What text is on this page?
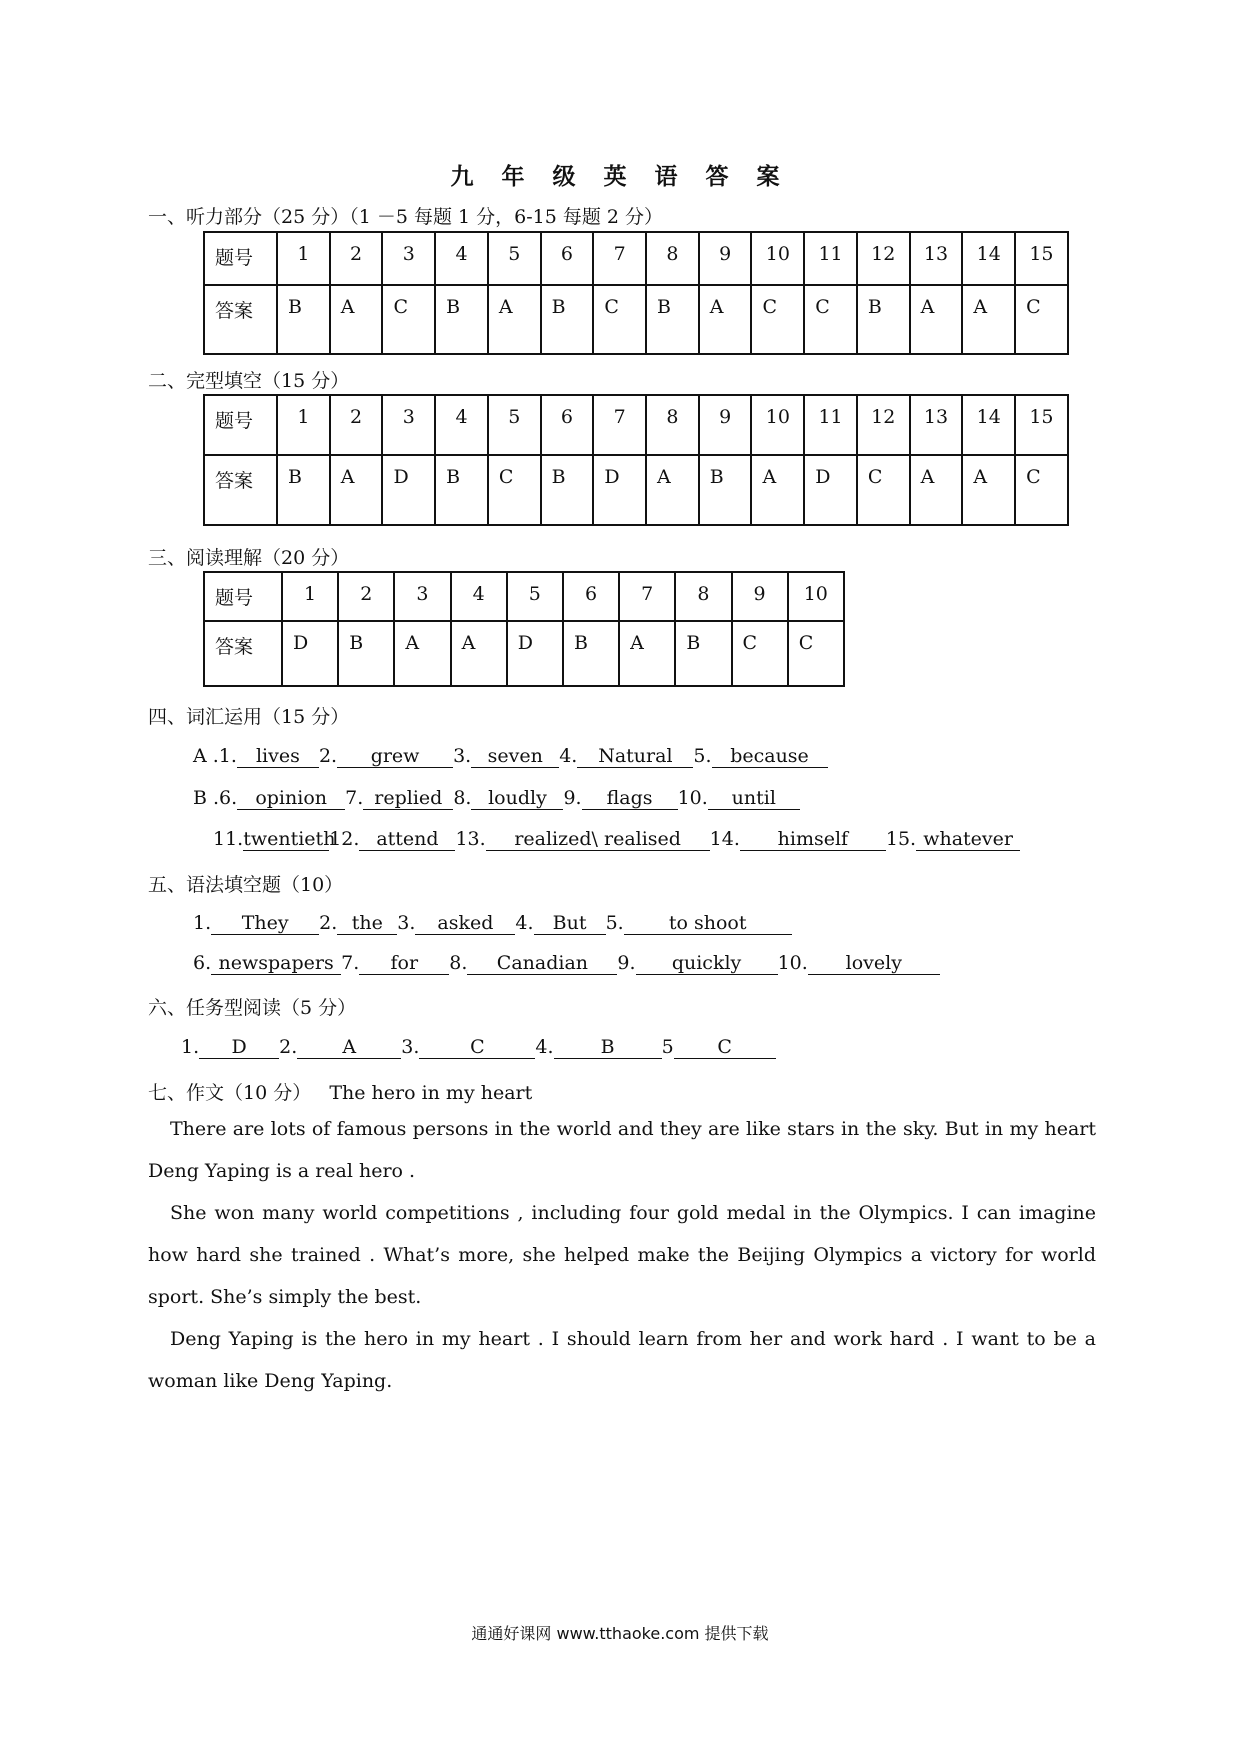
九 年 级 英 语 答 案
一、听力部分（25 分）（1 －5 每题 1 分，6-15 每题 2 分）
题号	1	2	3	4	5	6	7	8	9	10	11	12	13	14	15
答案	B	A	C	B	A	B	C	B	A	C	C	B	A	A	C
二、完型填空（15 分）
题号	1	2	3	4	5	6	7	8	9	10	11	12	13	14	15
答案	B	A	D	B	C	B	D	A	B	A	D	C	A	A	C
三、阅读理解（20 分）
题号	1	2	3	4	5	6	7	8	9	10
答案	D	B	A	A	D	B	A	B	C	C
四、词汇运用（15 分）
A .1. lives 2. grew 3. seven 4. Natural 5. because
B .6. opinion 7. replied 8. loudly 9. flags 10. until
11.twentieth12. attend 13. realized\ realised 14. himself 15. whatever
五、语法填空题（10）
1. They 2. the 3. asked 4. But 5. to shoot
6. newspapers 7. for 8. Canadian 9. quickly 10. lovely
六、任务型阅读（5 分）
1. D 2. A 3.	C	4. B 5 C
七、作文（10 分） The hero in my heart

There are lots of famous persons in the world and they are like stars in the sky. But in my heart Deng Yaping is a real hero .

She won many world competitions , including four gold medal in the Olympics. I can imagine how hard she trained . What’s more, she helped make the Beijing Olympics a victory for world sport. She’s simply the best.

Deng Yaping is the hero in my heart . I should learn from her and work hard . I want to be a woman like Deng Yaping.

通通好课网 www.tthaoke.com 提供下载
